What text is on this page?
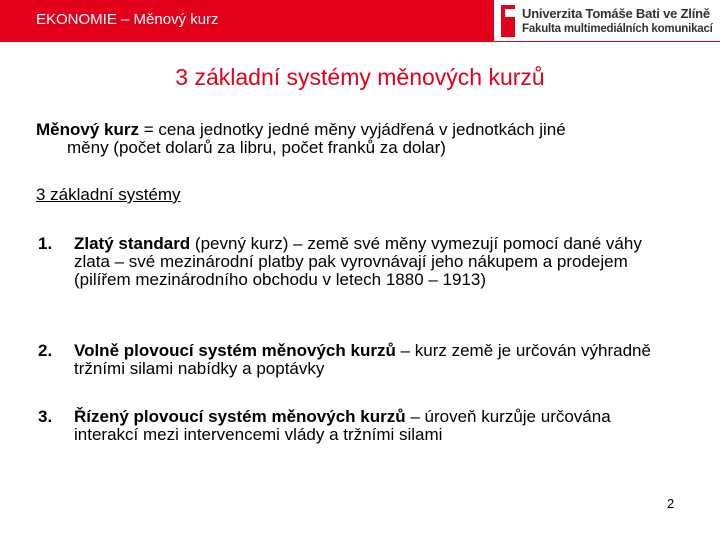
EKONOMIE – Měnový kurz	Univerzita Tomáše Bati ve Zlíně
Fakulta multimediálních komunikací
3 základní systémy měnových kurzů
Měnový kurz = cena jednotky jedné měny vyjádřená v jednotkách jiné
měny (počet dolarů za libru, počet franků za dolar)
3 základní systémy
1.	Zlatý standard (pevný kurz) – země své měny vymezují pomocí dané váhy zlata – své mezinárodní platby pak vyrovnávají jeho nákupem a prodejem (pilířem mezinárodního obchodu v letech 1880 – 1913)
2.	Volně plovoucí systém měnových kurzů – kurz země je určován výhradně tržními silami nabídky a poptávky
3.	Řízený plovoucí systém měnových kurzů – úroveň kurzůje určována interakcí mezi intervencemi vlády a tržními silami
2
